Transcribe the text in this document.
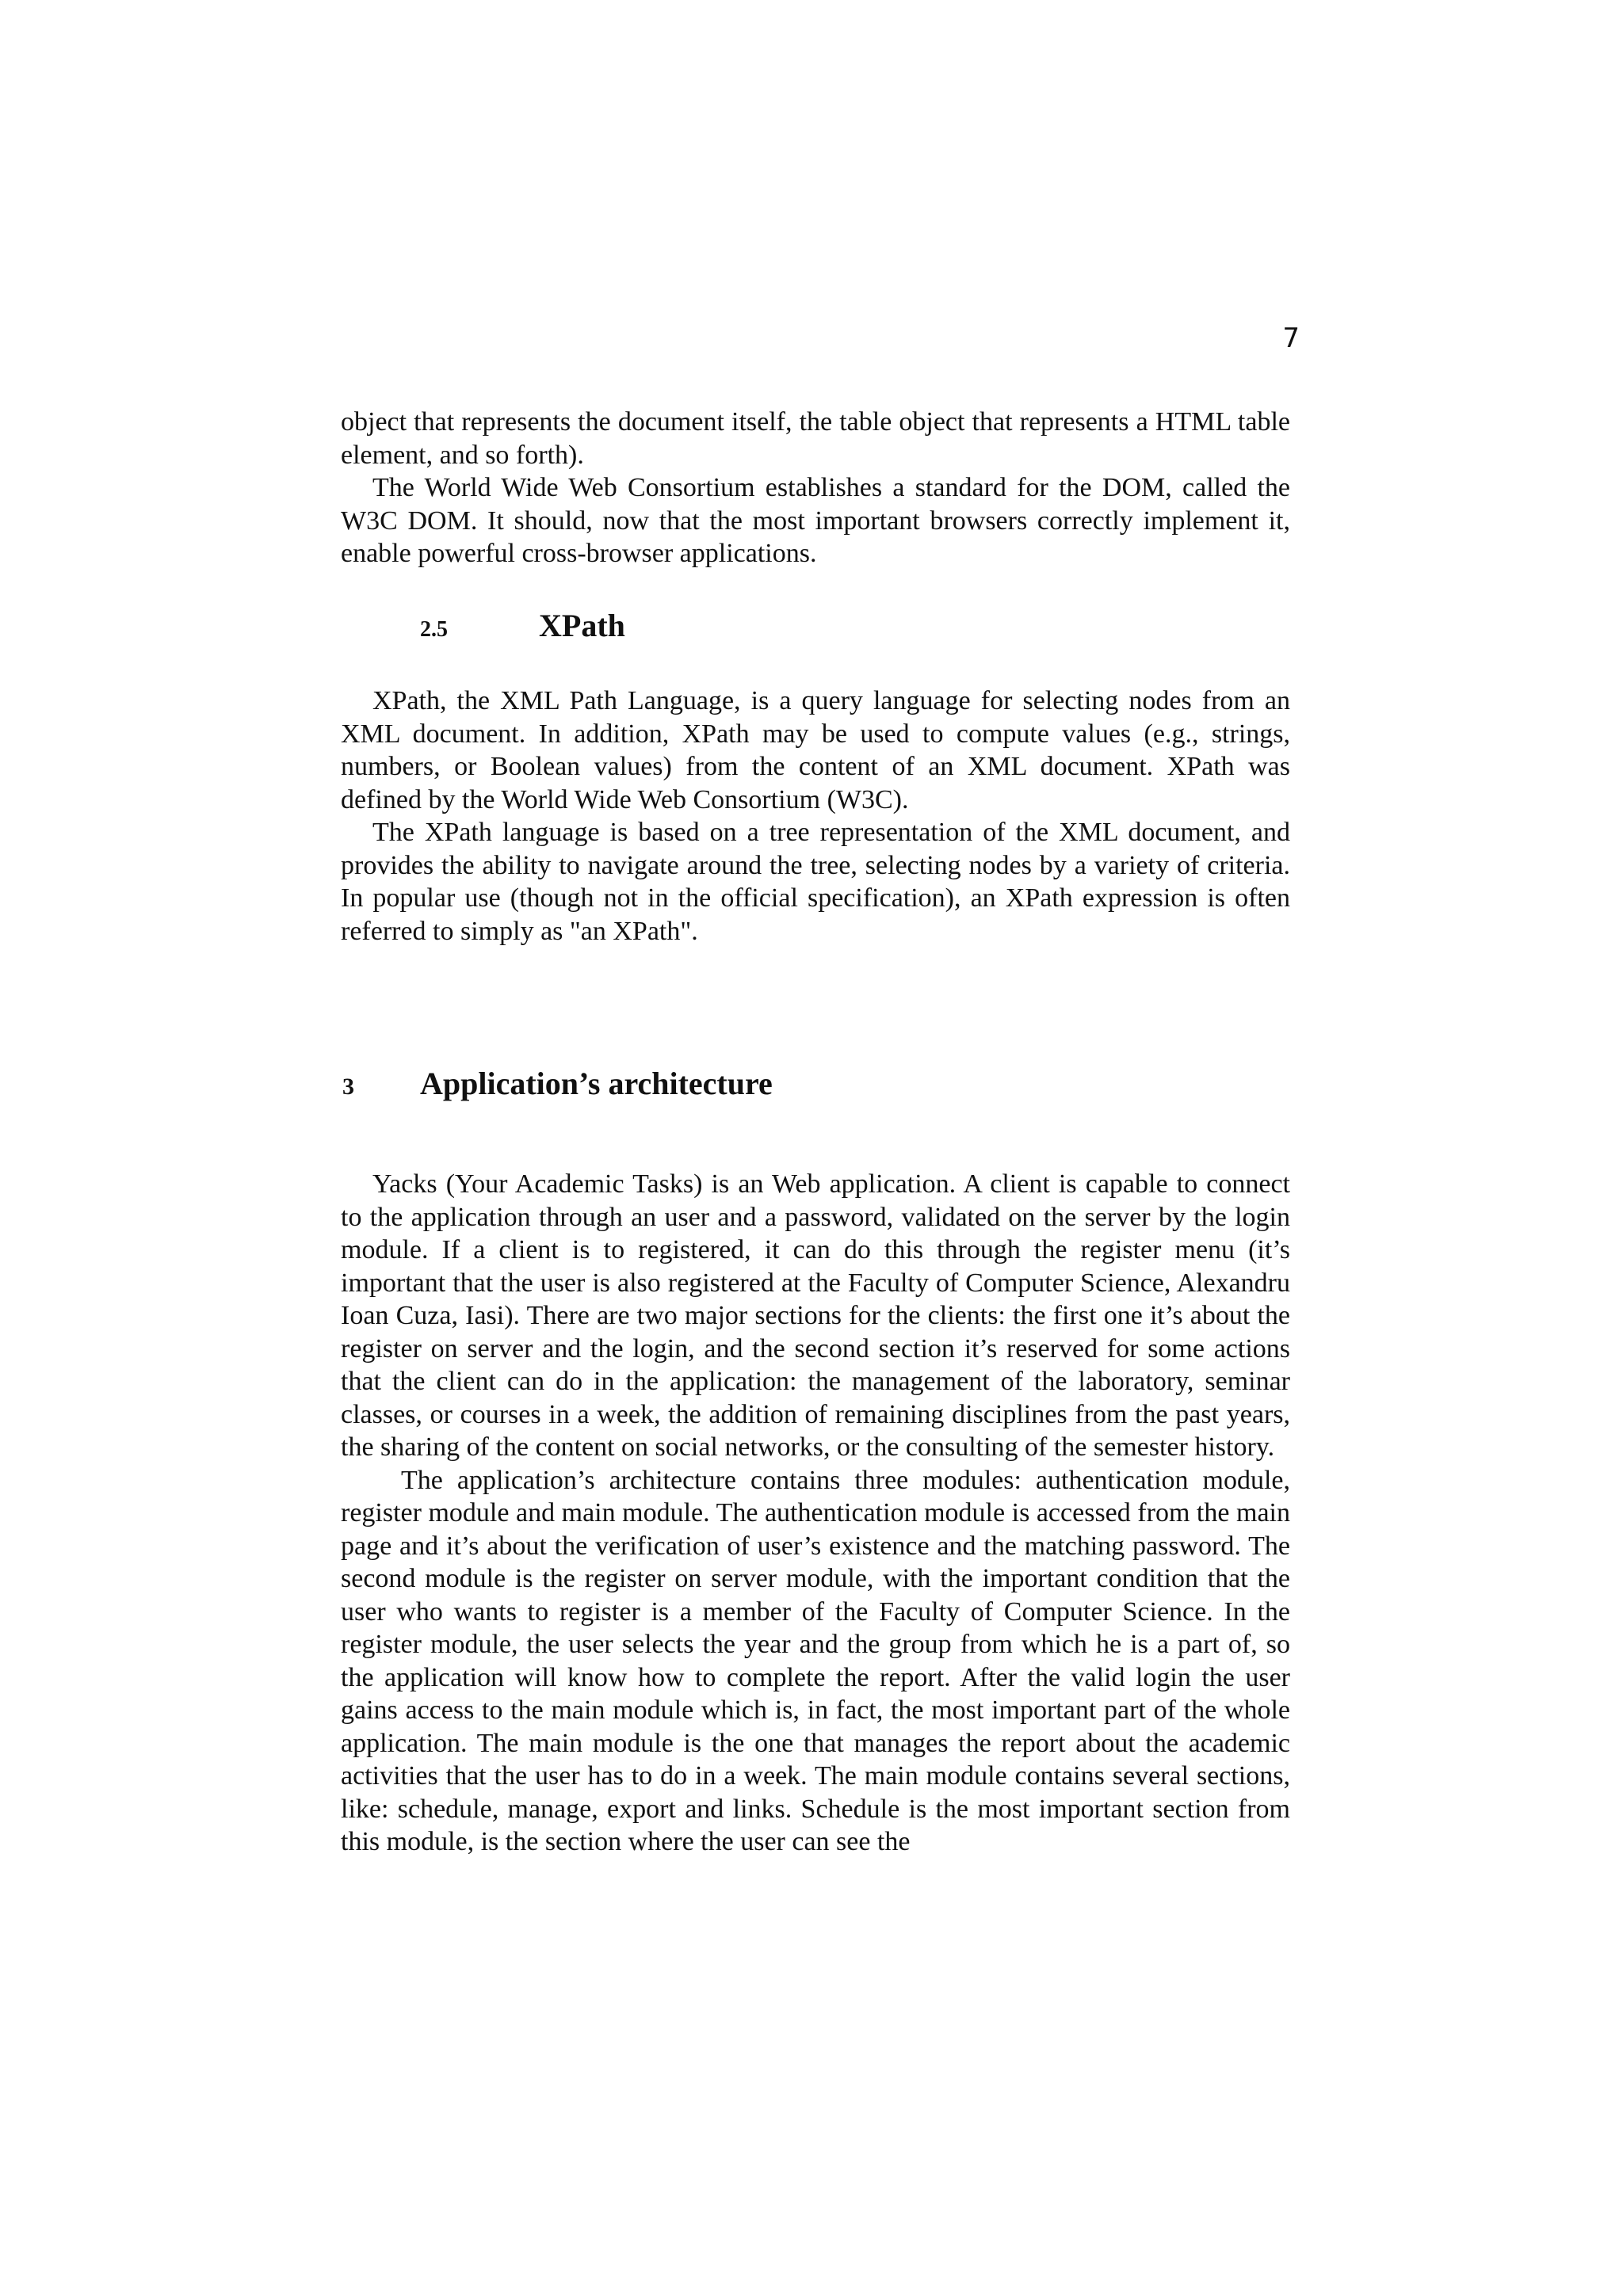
7

object that represents the document itself, the table object that represents a HTML table element, and so forth).

The World Wide Web Consortium establishes a standard for the DOM, called the W3C DOM. It should, now that the most important browsers correctly implement it, enable powerful cross-browser applications.

2.5	XPath

XPath, the XML Path Language, is a query language for selecting nodes from an XML document. In addition, XPath may be used to compute values (e.g., strings, numbers, or Boolean values) from the content of an XML document. XPath was defined by the World Wide Web Consortium (W3C).

The XPath language is based on a tree representation of the XML document, and provides the ability to navigate around the tree, selecting nodes by a variety of criteria. In popular use (though not in the official specification), an XPath expression is often referred to simply as "an XPath".

3	Application’s architecture

Yacks (Your Academic Tasks) is an Web application. A client is capable to connect to the application through an user and a password, validated on the server by the login module. If a client is to registered, it can do this through the register menu (it’s important that the user is also registered at the Faculty of Computer Science, Alexandru Ioan Cuza, Iasi). There are two major sections for the clients: the first one it’s about the register on server and the login, and the second section it’s reserved for some actions that the client can do in the application: the management of the laboratory, seminar classes, or courses in a week, the addition of remaining disciplines from the past years, the sharing of the content on social networks, or the consulting of the semester history.

The application’s architecture contains three modules: authentication module, register module and main module. The authentication module is accessed from the main page and it’s about the verification of user’s existence and the matching password. The second module is the register on server module, with the important condition that the user who wants to register is a member of the Faculty of Computer Science. In the register module, the user selects the year and the group from which he is a part of, so the application will know how to complete the report. After the valid login the user gains access to the main module which is, in fact, the most important part of the whole application. The main module is the one that manages the report about the academic activities that the user has to do in a week. The main module contains several sections, like: schedule, manage, export and links. Schedule is the most important section from this module, is the section where the user can see the
